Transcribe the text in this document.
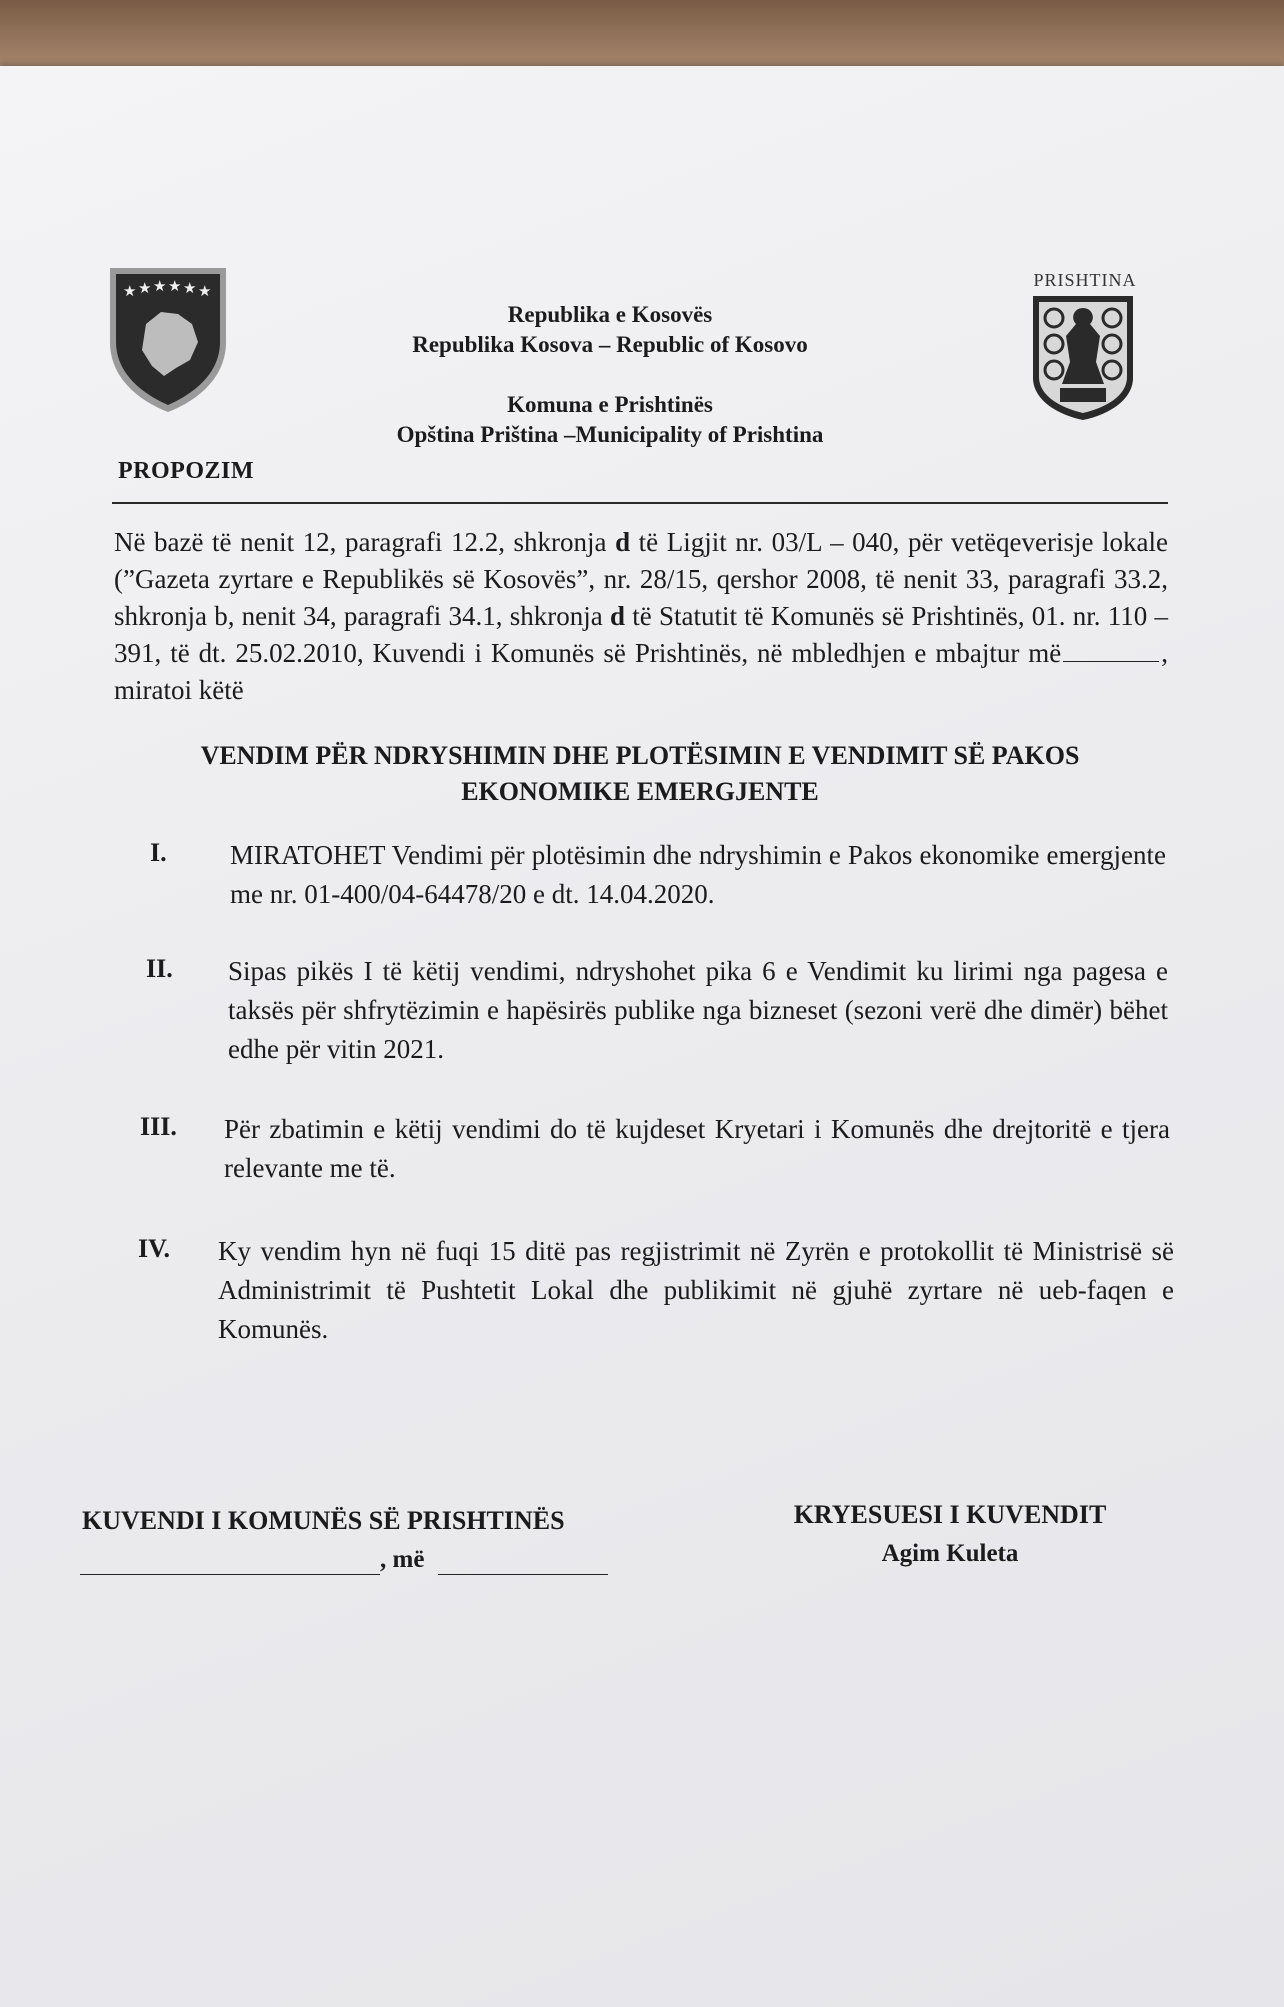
★ ★ ★ ★ ★ ★
PRISHTINA
Republika e Kosovës
Republika Kosova – Republic of Kosovo
Komuna e Prishtinës
Opština Priština –Municipality of Prishtina
PROPOZIM
Në bazë të nenit 12, paragrafi 12.2, shkronja d të Ligjit nr. 03/L – 040, për vetëqeverisje lokale (”Gazeta zyrtare e Republikës së Kosovës”, nr. 28/15, qershor 2008, të nenit 33, paragrafi 33.2, shkronja b, nenit 34, paragrafi 34.1, shkronja d të Statutit të Komunës së Prishtinës, 01. nr. 110 – 391, të dt. 25.02.2010, Kuvendi i Komunës së Prishtinës, në mbledhjen e mbajtur më	, miratoi këtë
VENDIM PËR NDRYSHIMIN DHE PLOTËSIMIN E VENDIMIT SË PAKOS
EKONOMIKE EMERGJENTE
I. MIRATOHET Vendimi për plotësimin dhe ndryshimin e Pakos ekonomike emergjente me nr. 01-400/04-64478/20 e dt. 14.04.2020.
II. Sipas pikës I të këtij vendimi, ndryshohet pika 6 e Vendimit ku lirimi nga pagesa e taksës për shfrytëzimin e hapësirës publike nga bizneset (sezoni verë dhe dimër) bëhet edhe për vitin 2021.
III. Për zbatimin e këtij vendimi do të kujdeset Kryetari i Komunës dhe drejtoritë e tjera relevante me të.
IV. Ky vendim hyn në fuqi 15 ditë pas regjistrimit në Zyrën e protokollit të Ministrisë së Administrimit të Pushtetit Lokal dhe publikimit në gjuhë zyrtare në ueb-faqen e Komunës.
KUVENDI I KOMUNËS SË PRISHTINËS
, më
KRYESUESI I KUVENDIT
Agim Kuleta
